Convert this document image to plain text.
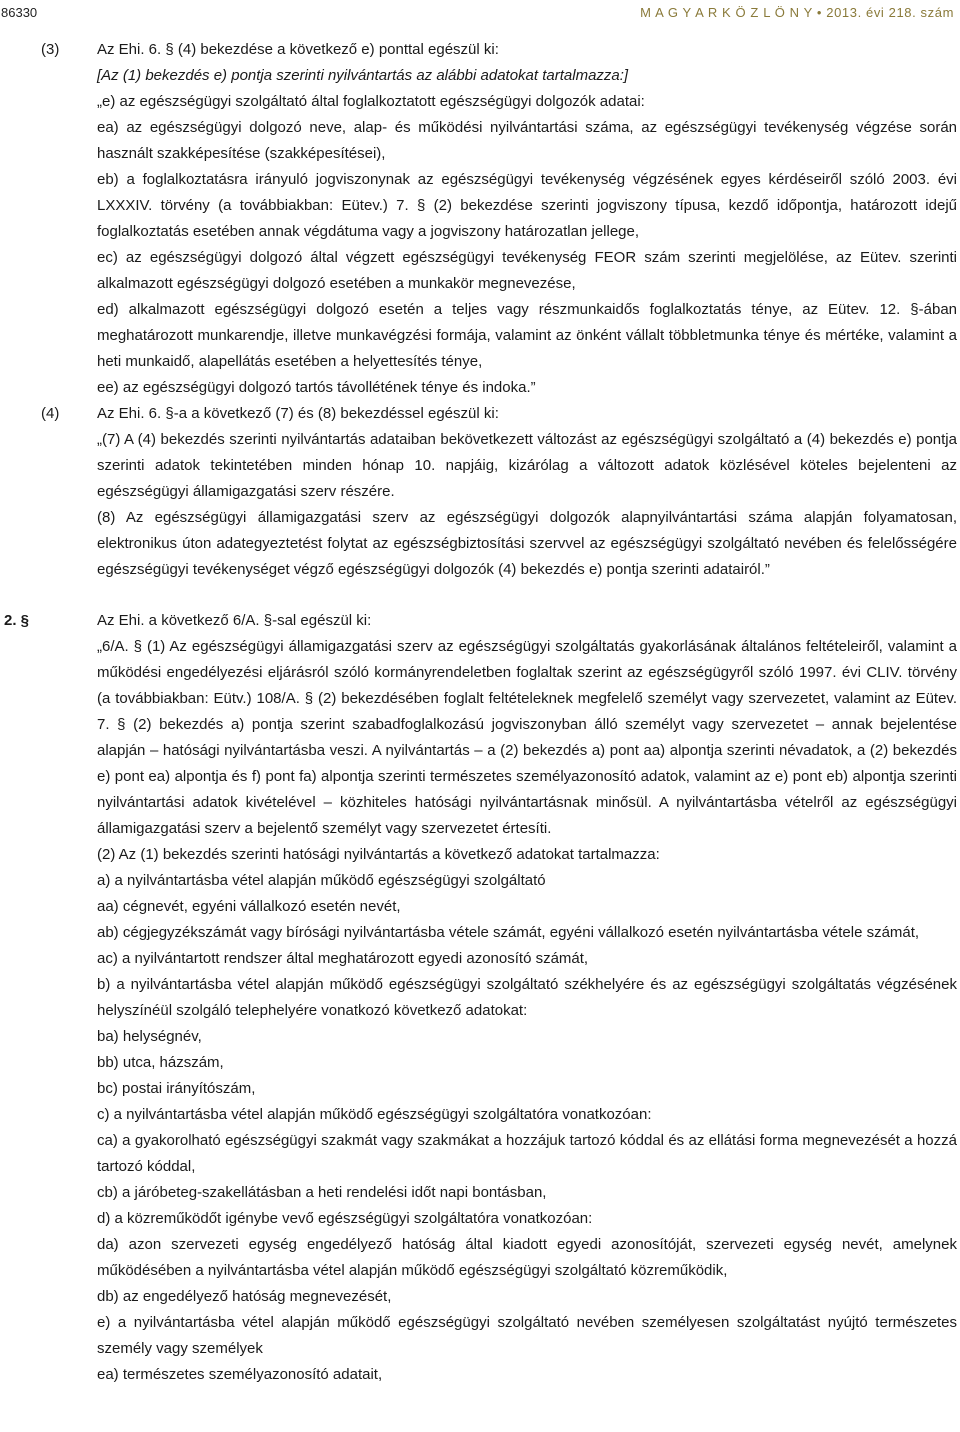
86330	M A G Y A R K Ö Z L Ö N Y • 2013. évi 218. szám
(3)	Az Ehi. 6. § (4) bekezdése a következő e) ponttal egészül ki:
[Az (1) bekezdés e) pontja szerinti nyilvántartás az alábbi adatokat tartalmazza:]
„e) az egészségügyi szolgáltató által foglalkoztatott egészségügyi dolgozók adatai:
ea) az egészségügyi dolgozó neve, alap- és működési nyilvántartási száma, az egészségügyi tevékenység végzése során használt szakképesítése (szakképesítései),
eb) a foglalkoztatásra irányuló jogviszonynak az egészségügyi tevékenység végzésének egyes kérdéseiről szóló 2003. évi LXXXIV. törvény (a továbbiakban: Eütev.) 7. § (2) bekezdése szerinti jogviszony típusa, kezdő időpontja, határozott idejű foglalkoztatás esetében annak végdátuma vagy a jogviszony határozatlan jellege,
ec) az egészségügyi dolgozó által végzett egészségügyi tevékenység FEOR szám szerinti megjelölése, az Eütev. szerinti alkalmazott egészségügyi dolgozó esetében a munkakör megnevezése,
ed) alkalmazott egészségügyi dolgozó esetén a teljes vagy részmunkaidős foglalkoztatás ténye, az Eütev. 12. §-ában meghatározott munkarendje, illetve munkavégzési formája, valamint az önként vállalt többletmunka ténye és mértéke, valamint a heti munkaidő, alapellátás esetében a helyettesítés ténye,
ee) az egészségügyi dolgozó tartós távollétének ténye és indoka.”
(4)	Az Ehi. 6. §-a a következő (7) és (8) bekezdéssel egészül ki:
„(7) A (4) bekezdés szerinti nyilvántartás adataiban bekövetkezett változást az egészségügyi szolgáltató a (4) bekezdés e) pontja szerinti adatok tekintetében minden hónap 10. napjáig, kizárólag a változott adatok közlésével köteles bejelenteni az egészségügyi államigazgatási szerv részére.
(8) Az egészségügyi államigazgatási szerv az egészségügyi dolgozók alapnyilvántartási száma alapján folyamatosan, elektronikus úton adategyeztetést folytat az egészségbiztosítási szervvel az egészségügyi szolgáltató nevében és felelősségére egészségügyi tevékenységet végző egészségügyi dolgozók (4) bekezdés e) pontja szerinti adatairól.”
2. §	Az Ehi. a következő 6/A. §-sal egészül ki:
„6/A. § (1) Az egészségügyi államigazgatási szerv az egészségügyi szolgáltatás gyakorlásának általános feltételeiről, valamint a működési engedélyezési eljárásról szóló kormányrendeletben foglaltak szerint az egészségügyről szóló 1997. évi CLIV. törvény (a továbbiakban: Eütv.) 108/A. § (2) bekezdésében foglalt feltételeknek megfelelő személyt vagy szervezetet, valamint az Eütev. 7. § (2) bekezdés a) pontja szerint szabadfoglalkozású jogviszonyban álló személyt vagy szervezetet – annak bejelentése alapján – hatósági nyilvántartásba veszi. A nyilvántartás – a (2) bekezdés a) pont aa) alpontja szerinti névadatok, a (2) bekezdés e) pont ea) alpontja és f) pont fa) alpontja szerinti természetes személyazonosító adatok, valamint az e) pont eb) alpontja szerinti nyilvántartási adatok kivételével – közhiteles hatósági nyilvántartásnak minősül. A nyilvántartásba vételről az egészségügyi államigazgatási szerv a bejelentő személyt vagy szervezetet értesíti.
(2) Az (1) bekezdés szerinti hatósági nyilvántartás a következő adatokat tartalmazza:
a) a nyilvántartásba vétel alapján működő egészségügyi szolgáltató
aa) cégnevét, egyéni vállalkozó esetén nevét,
ab) cégjegyzékszámát vagy bírósági nyilvántartásba vétele számát, egyéni vállalkozó esetén nyilvántartásba vétele számát,
ac) a nyilvántartott rendszer által meghatározott egyedi azonosító számát,
b) a nyilvántartásba vétel alapján működő egészségügyi szolgáltató székhelyére és az egészségügyi szolgáltatás végzésének helyszínéül szolgáló telephelyére vonatkozó következő adatokat:
ba) helységnév,
bb) utca, házszám,
bc) postai irányítószám,
c) a nyilvántartásba vétel alapján működő egészségügyi szolgáltatóra vonatkozóan:
ca) a gyakorolható egészségügyi szakmát vagy szakmákat a hozzájuk tartozó kóddal és az ellátási forma megnevezését a hozzá tartozó kóddal,
cb) a járóbeteg-szakellátásban a heti rendelési időt napi bontásban,
d) a közreműködőt igénybe vevő egészségügyi szolgáltatóra vonatkozóan:
da) azon szervezeti egység engedélyező hatóság által kiadott egyedi azonosítóját, szervezeti egység nevét, amelynek működésében a nyilvántartásba vétel alapján működő egészségügyi szolgáltató közreműködik,
db) az engedélyező hatóság megnevezését,
e) a nyilvántartásba vétel alapján működő egészségügyi szolgáltató nevében személyesen szolgáltatást nyújtó természetes személy vagy személyek
ea) természetes személyazonosító adatait,
